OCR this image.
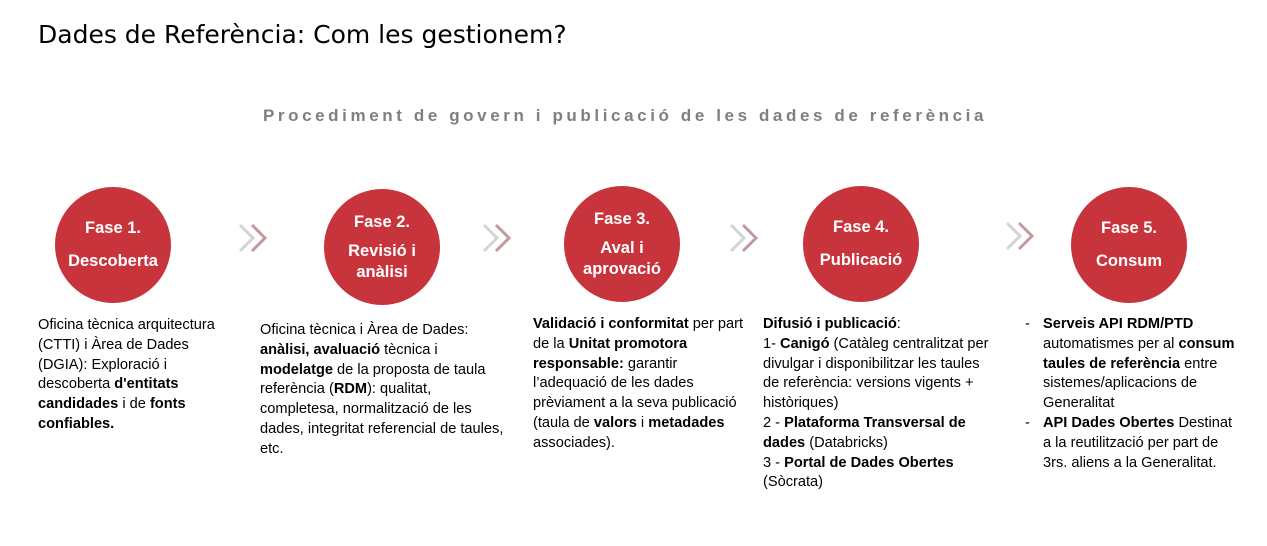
Dades de Referència: Com les gestionem?
Procediment de govern i publicació de les dades de referència
Fase 1.
Descoberta
Fase 2.
Revisió i anàlisi
Fase 3.
Aval i aprovació
Fase 4.
Publicació
Fase 5.
Consum

Oficina tècnica arquitectura (CTTI) i Àrea de Dades (DGIA): Exploració i descoberta d'entitats candidades i de fonts confiables.

Oficina tècnica i Àrea de Dades: anàlisi, avaluació tècnica i modelatge de la proposta de taula referència (RDM): qualitat, completesa, normalització de les dades, integritat referencial de taules, etc.

Validació i conformitat per part de la Unitat promotora responsable: garantir l’adequació de les dades prèviament a la seva publicació (taula de valors i metadades associades).

Difusió i publicació:

1- Canigó (Catàleg centralitzat per divulgar i disponibilitzar les taules de referència: versions vigents + històriques)

2 - Plataforma Transversal de dades (Databricks)

3 - Portal de Dades Obertes (Sòcrata)

- Serveis API RDM/PTD automatismes per al consum taules de referència entre sistemes/aplicacions de Generalitat
- API Dades Obertes Destinat a la reutilització per part de 3rs. aliens a la Generalitat.
